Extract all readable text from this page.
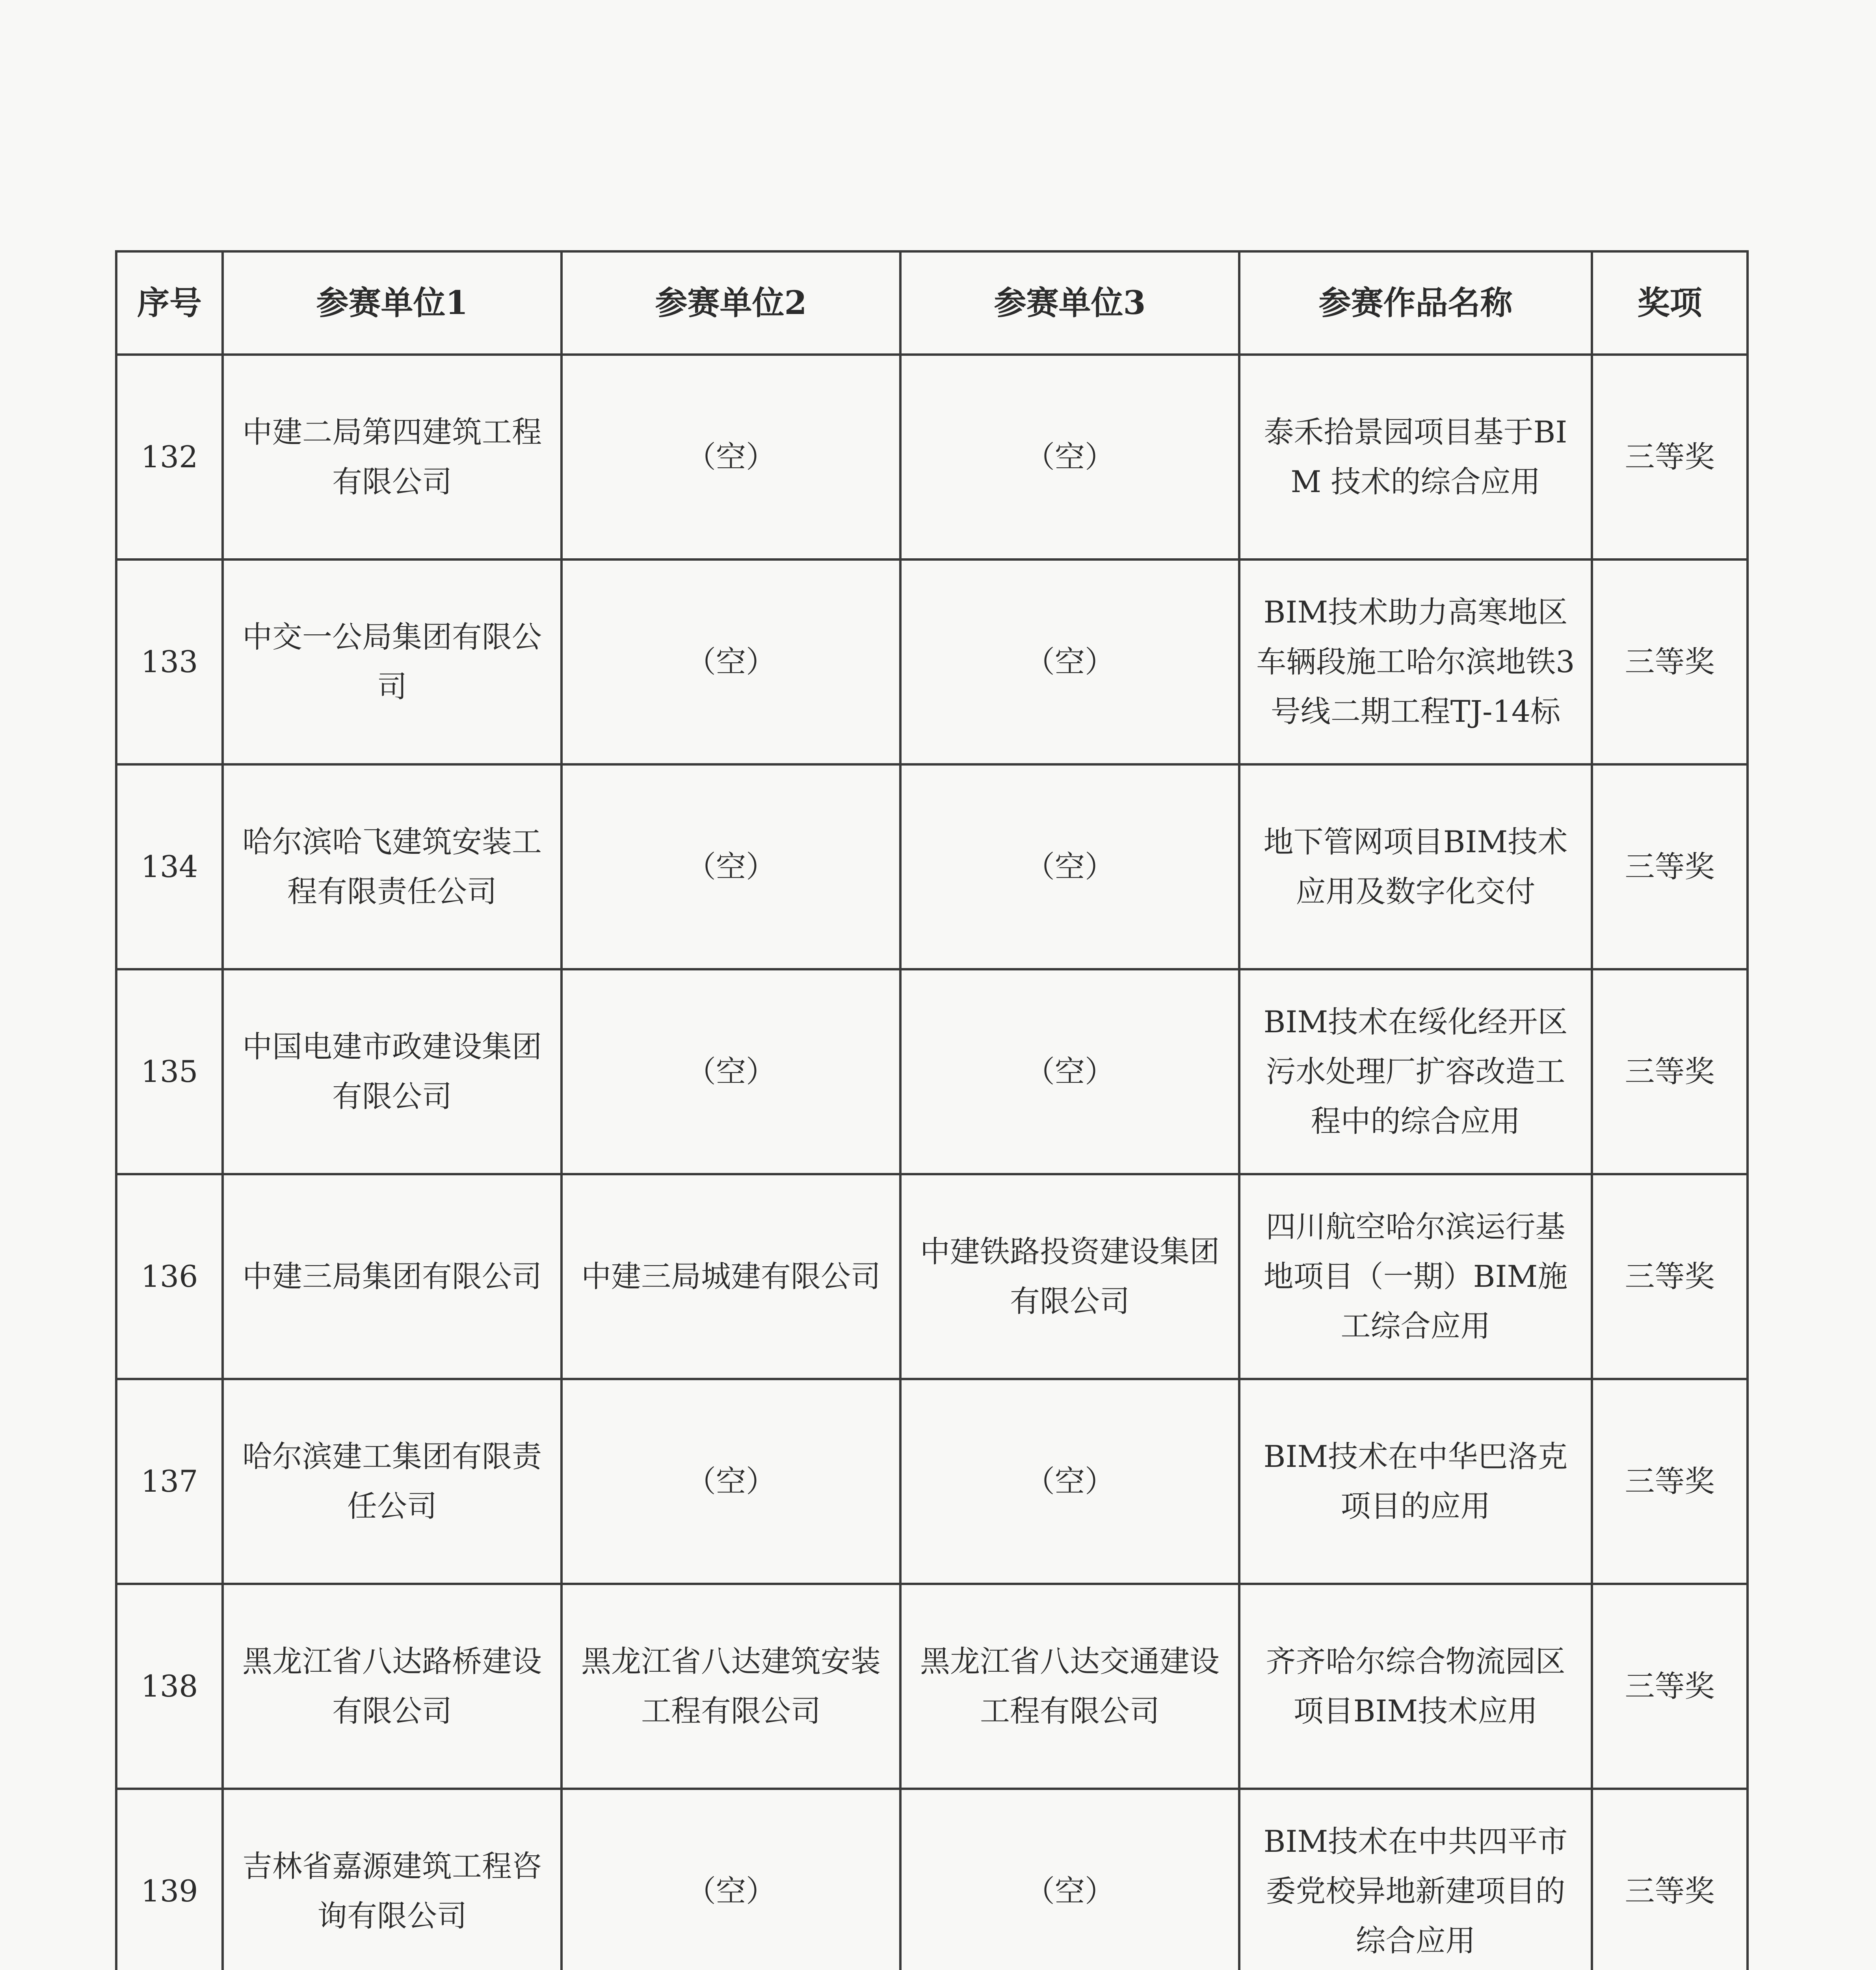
序号	参赛单位1	参赛单位2	参赛单位3	参赛作品名称	奖项
132	中建二局第四建筑工程有限公司	（空）	（空）	泰禾拾景园项目基于BIM 技术的综合应用	三等奖
133	中交一公局集团有限公司	（空）	（空）	BIM技术助力高寒地区车辆段施工哈尔滨地铁3号线二期工程TJ-14标	三等奖
134	哈尔滨哈飞建筑安装工程有限责任公司	（空）	（空）	地下管网项目BIM技术应用及数字化交付	三等奖
135	中国电建市政建设集团有限公司	（空）	（空）	BIM技术在绥化经开区污水处理厂扩容改造工程中的综合应用	三等奖
136	中建三局集团有限公司	中建三局城建有限公司	中建铁路投资建设集团有限公司	四川航空哈尔滨运行基地项目（一期）BIM施工综合应用	三等奖
137	哈尔滨建工集团有限责任公司	（空）	（空）	BIM技术在中华巴洛克项目的应用	三等奖
138	黑龙江省八达路桥建设有限公司	黑龙江省八达建筑安装工程有限公司	黑龙江省八达交通建设工程有限公司	齐齐哈尔综合物流园区项目BIM技术应用	三等奖
139	吉林省嘉源建筑工程咨询有限公司	（空）	（空）	BIM技术在中共四平市委党校异地新建项目的综合应用	三等奖
